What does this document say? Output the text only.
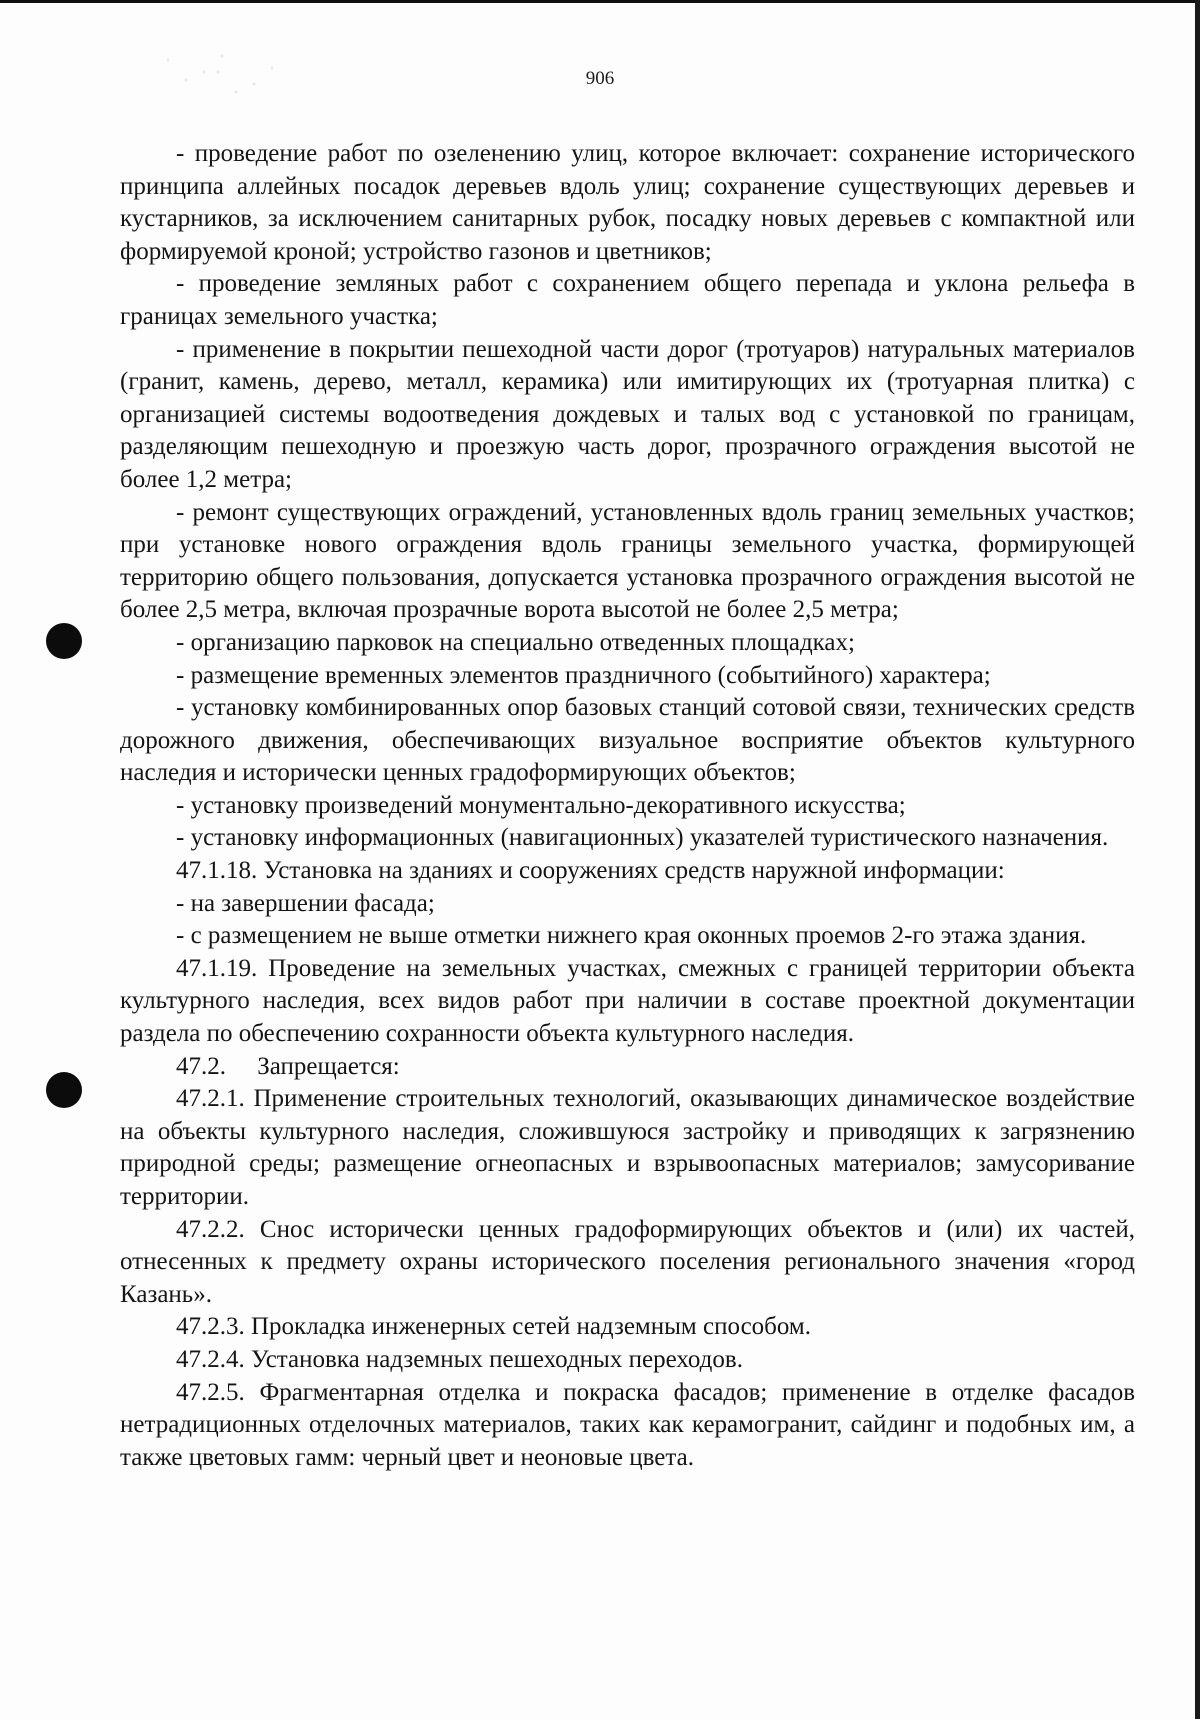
906

- проведение работ по озеленению улиц, которое включает: сохранение исторического принципа аллейных посадок деревьев вдоль улиц; сохранение существующих деревьев и кустарников, за исключением санитарных рубок, посадку новых деревьев с компактной или формируемой кроной; устройство газонов и цветников;

- проведение земляных работ с сохранением общего перепада и уклона рельефа в границах земельного участка;

- применение в покрытии пешеходной части дорог (тротуаров) натуральных материалов (гранит, камень, дерево, металл, керамика) или имитирующих их (тротуарная плитка) с организацией системы водоотведения дождевых и талых вод с установкой по границам, разделяющим пешеходную и проезжую часть дорог, прозрачного ограждения высотой не более 1,2 метра;

- ремонт существующих ограждений, установленных вдоль границ земельных участков; при установке нового ограждения вдоль границы земельного участка, формирующей территорию общего пользования, допускается установка прозрачного ограждения высотой не более 2,5 метра, включая прозрачные ворота высотой не более 2,5 метра;

- организацию парковок на специально отведенных площадках;

- размещение временных элементов праздничного (событийного) характера;

- установку комбинированных опор базовых станций сотовой связи, технических средств дорожного движения, обеспечивающих визуальное восприятие объектов культурного наследия и исторически ценных градоформирующих объектов;

- установку произведений монументально-декоративного искусства;

- установку информационных (навигационных) указателей туристического назначения.

47.1.18. Установка на зданиях и сооружениях средств наружной информации:

- на завершении фасада;

- с размещением не выше отметки нижнего края оконных проемов 2-го этажа здания.

47.1.19. Проведение на земельных участках, смежных с границей территории объекта культурного наследия, всех видов работ при наличии в составе проектной документации раздела по обеспечению сохранности объекта культурного наследия.

47.2.     Запрещается:

47.2.1. Применение строительных технологий, оказывающих динамическое воздействие на объекты культурного наследия, сложившуюся застройку и приводящих к загрязнению природной среды; размещение огнеопасных и взрывоопасных материалов; замусоривание территории.

47.2.2. Снос исторически ценных градоформирующих объектов и (или) их частей, отнесенных к предмету охраны исторического поселения регионального значения «город Казань».

47.2.3. Прокладка инженерных сетей надземным способом.

47.2.4. Установка надземных пешеходных переходов.

47.2.5. Фрагментарная отделка и покраска фасадов; применение в отделке фасадов нетрадиционных отделочных материалов, таких как керамогранит, сайдинг и подобных им, а также цветовых гамм: черный цвет и неоновые цвета.
